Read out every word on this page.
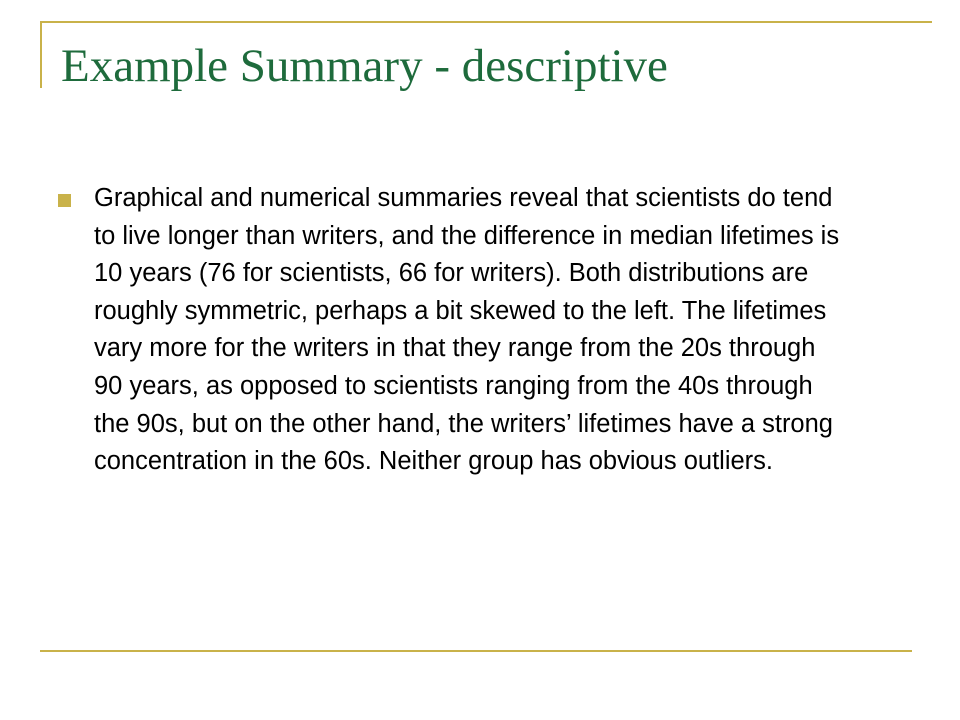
Example Summary - descriptive

Graphical and numerical summaries reveal that scientists do tend to live longer than writers, and the difference in median lifetimes is 10 years (76 for scientists, 66 for writers). Both distributions are roughly symmetric, perhaps a bit skewed to the left. The lifetimes vary more for the writers in that they range from the 20s through 90 years, as opposed to scientists ranging from the 40s through the 90s, but on the other hand, the writers’ lifetimes have a strong concentration in the 60s. Neither group has obvious outliers.
